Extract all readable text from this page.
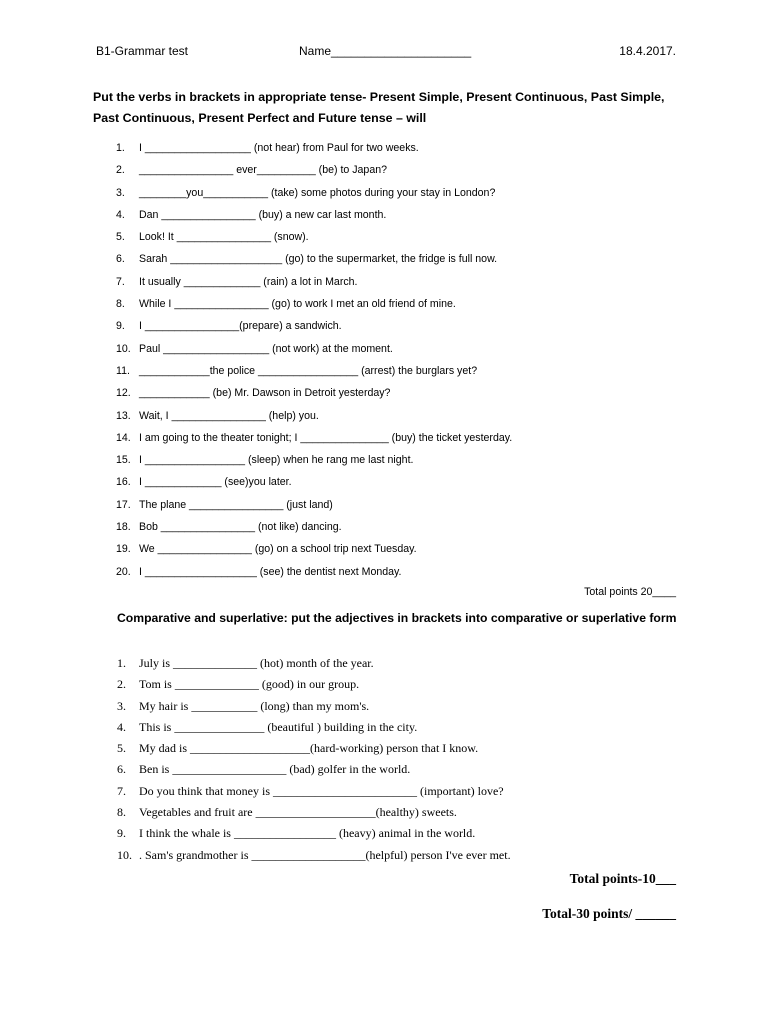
B1-Grammar test	Name_____________________	18.4.2017.
Put the verbs in brackets in appropriate tense- Present Simple, Present Continuous, Past Simple, Past Continuous, Present Perfect and Future tense – will
1. I __________________ (not hear) from Paul for two weeks.
2. ________________ ever__________ (be) to Japan?
3. ________you___________ (take) some photos during your stay in London?
4. Dan ________________ (buy) a new car last month.
5. Look! It ________________ (snow).
6. Sarah ___________________ (go) to the supermarket, the fridge is full now.
7. It usually _____________ (rain) a lot in March.
8. While I ________________ (go) to work I met an old friend of mine.
9. I ________________(prepare) a sandwich.
10. Paul __________________ (not work) at the moment.
11. ____________the police _________________ (arrest) the burglars yet?
12. ____________ (be) Mr. Dawson in Detroit yesterday?
13. Wait, I ________________ (help) you.
14. I am going to the theater tonight; I _______________ (buy) the ticket yesterday.
15. I _________________ (sleep) when he rang me last night.
16. I _____________ (see)you later.
17. The plane ________________ (just land)
18. Bob ________________ (not like) dancing.
19. We ________________ (go) on a school trip next Tuesday.
20. I ___________________ (see) the dentist next Monday.
Total points 20____
Comparative and superlative: put the adjectives in brackets into comparative or superlative form
1. July is ______________ (hot) month of the year.
2. Tom is ______________ (good) in our group.
3. My hair is ___________ (long) than my mom's.
4. This is _______________ (beautiful ) building in the city.
5. My dad is ____________________(hard-working) person that I know.
6. Ben is ___________________ (bad) golfer in the world.
7. Do you think that money is ________________________ (important) love?
8. Vegetables and fruit are ____________________(healthy) sweets.
9. I think the whale is _________________ (heavy) animal in the world.
10. . Sam's grandmother is ___________________(helpful) person I've ever met.
Total points-10___
Total-30 points/ ______
